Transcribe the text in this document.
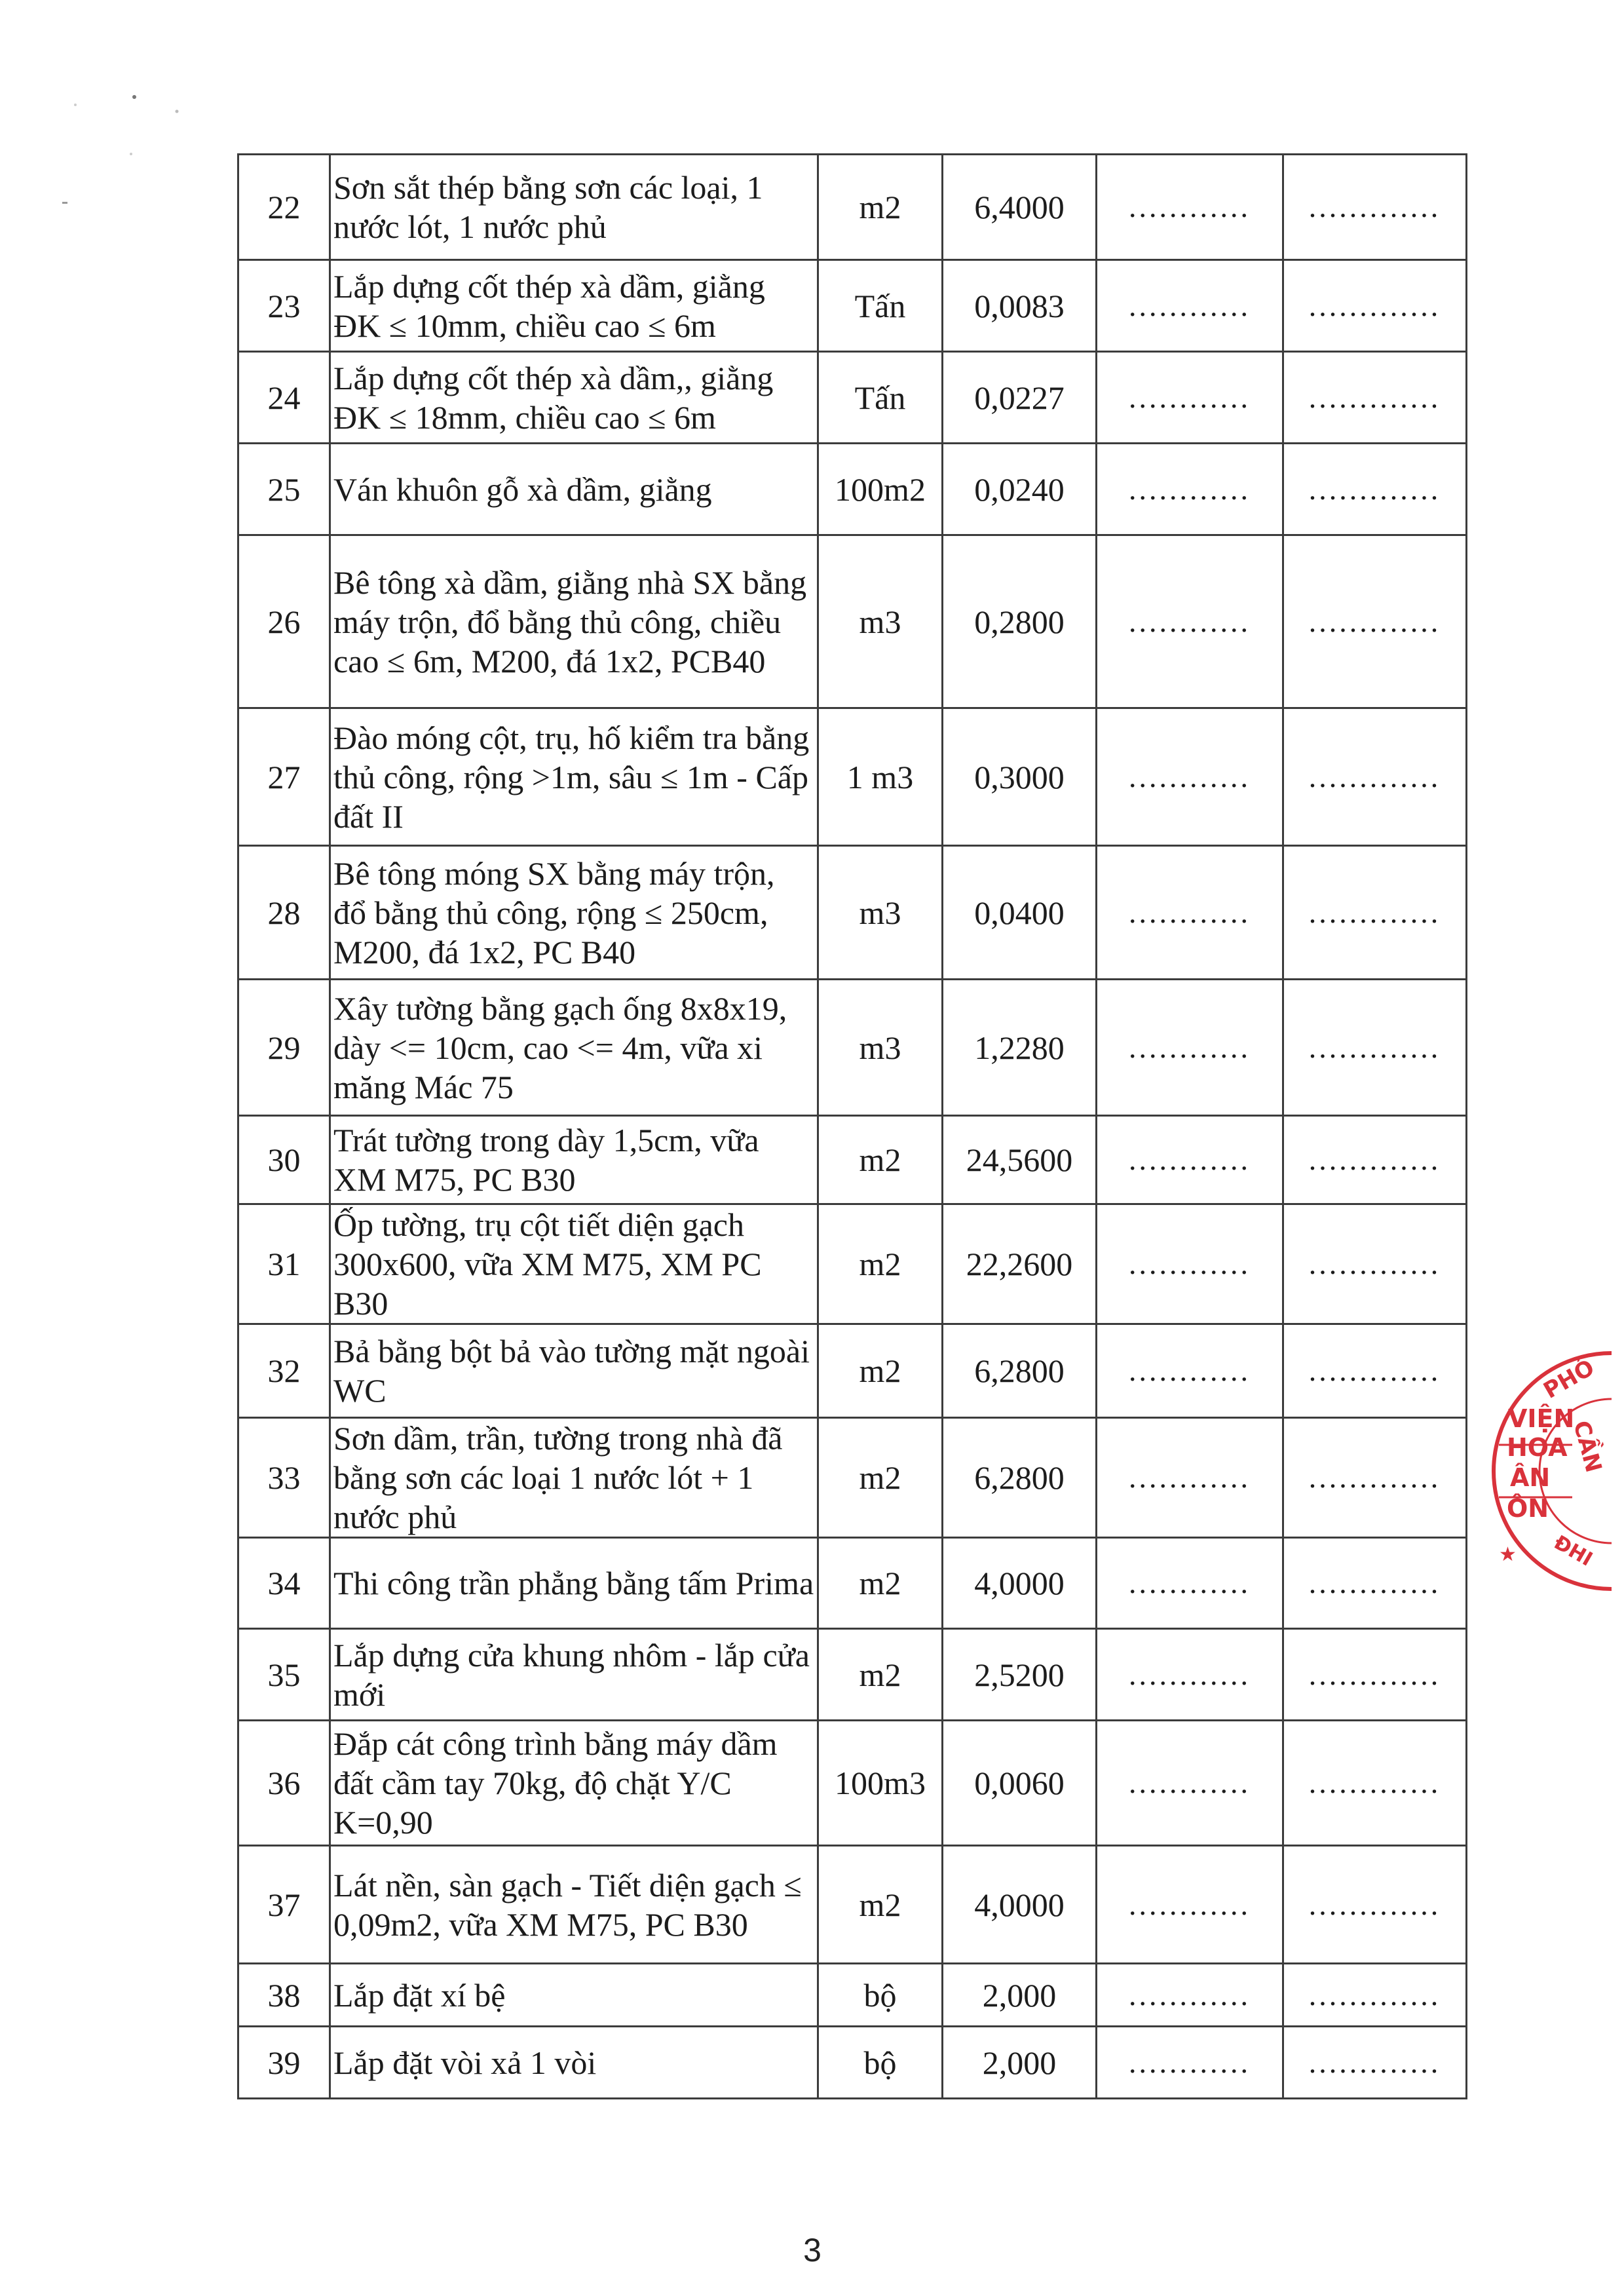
22	Sơn sắt thép bằng sơn các loại, 1 nước lót, 1 nước phủ	m2	6,4000	............	.............
23	Lắp dựng cốt thép xà dầm, giằng ĐK ≤ 10mm, chiều cao ≤ 6m	Tấn	0,0083	............	.............
24	Lắp dựng cốt thép xà dầm,, giằng ĐK ≤ 18mm, chiều cao ≤ 6m	Tấn	0,0227	............	.............
25	Ván khuôn gỗ xà dầm, giằng	100m2	0,0240	............	.............
26	Bê tông xà dầm, giằng nhà SX bằng máy trộn, đổ bằng thủ công, chiều cao ≤ 6m, M200, đá 1x2, PCB40	m3	0,2800	............	.............
27	Đào móng cột, trụ, hố kiểm tra bằng thủ công, rộng >1m, sâu ≤ 1m - Cấp đất II	1 m3	0,3000	............	.............
28	Bê tông móng SX bằng máy trộn, đổ bằng thủ công, rộng ≤ 250cm, M200, đá 1x2, PC B40	m3	0,0400	............	.............
29	Xây tường bằng gạch ống 8x8x19, dày <= 10cm, cao <= 4m, vữa xi măng Mác 75	m3	1,2280	............	.............
30	Trát tường trong dày 1,5cm, vữa XM M75, PC B30	m2	24,5600	............	.............
31	Ốp tường, trụ cột tiết diện gạch 300x600, vữa XM M75, XM PC B30	m2	22,2600	............	.............
32	Bả bằng bột bả vào tường mặt ngoài WC	m2	6,2800	............	.............
33	Sơn dầm, trần, tường trong nhà đã bằng sơn các loại 1 nước lót + 1 nước phủ	m2	6,2800	............	.............
34	Thi công trần phẳng bằng tấm Prima	m2	4,0000	............	.............
35	Lắp dựng cửa khung nhôm - lắp cửa mới	m2	2,5200	............	.............
36	Đắp cát công trình bằng máy dầm đất cầm tay 70kg, độ chặt Y/C K=0,90	100m3	0,0060	............	.............
37	Lát nền, sàn gạch - Tiết diện gạch ≤ 0,09m2, vữa XM M75, PC B30	m2	4,0000	............	.............
38	Lắp đặt xí bệ	bộ	2,000	............	.............
39	Lắp đặt vòi xả 1 vòi	bộ	2,000	............	.............
PHÓ
VIỆN
HOA
ÂN
ÔN
CẦN
ĐHI
★
3
